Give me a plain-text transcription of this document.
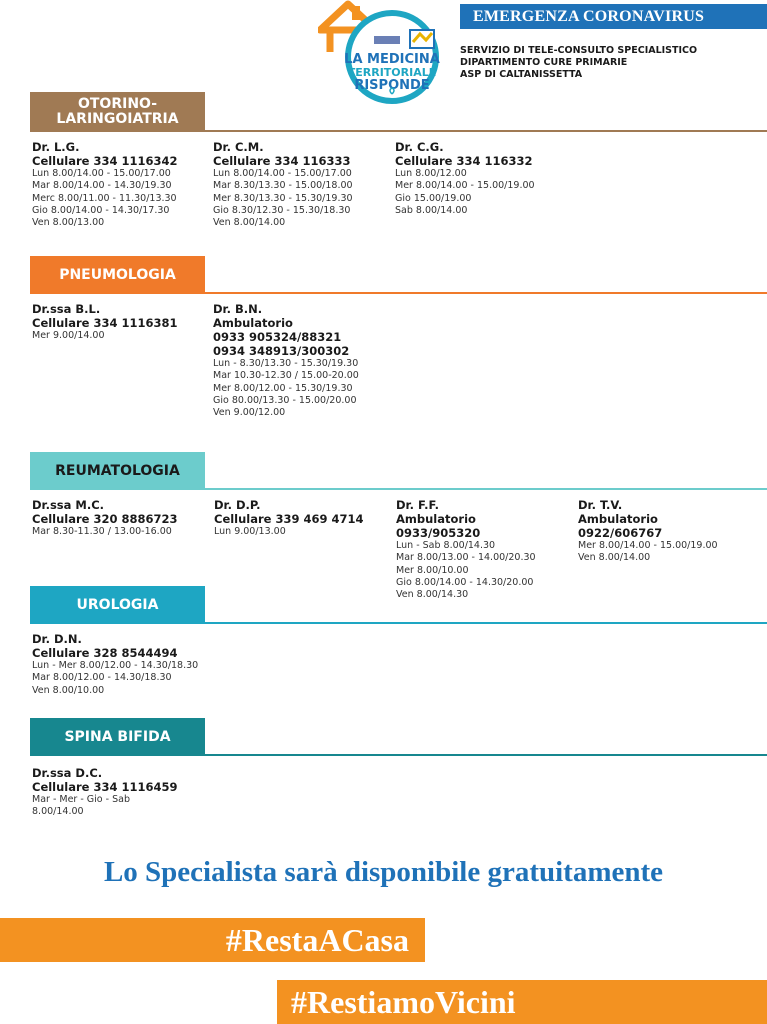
LA MEDICINA
TERRITORIALE
RISPONDE
EMERGENZA CORONAVIRUS
SERVIZIO DI TELE-CONSULTO SPECIALISTICO
DIPARTIMENTO CURE PRIMARIE
ASP DI CALTANISSETTA
OTORINO-
LARINGOIATRIA
Dr. L.G.
Cellulare 334 1116342
Lun 8.00/14.00 - 15.00/17.00
Mar 8.00/14.00 - 14.30/19.30
Merc 8.00/11.00 - 11.30/13.30
Gio 8.00/14.00 - 14.30/17.30
Ven 8.00/13.00
Dr. C.M.
Cellulare 334 116333
Lun 8.00/14.00 - 15.00/17.00
Mar 8.30/13.30 - 15.00/18.00
Mer 8.30/13.30 - 15.30/19.30
Gio 8.30/12.30 - 15.30/18.30
Ven 8.00/14.00
Dr. C.G.
Cellulare 334 116332
Lun 8.00/12.00
Mer 8.00/14.00 - 15.00/19.00
Gio 15.00/19.00
Sab 8.00/14.00
PNEUMOLOGIA
Dr.ssa B.L.
Cellulare 334 1116381
Mer 9.00/14.00
Dr. B.N.
Ambulatorio
0933 905324/88321
0934 348913/300302
Lun - 8.30/13.30 - 15.30/19.30
Mar 10.30-12.30 / 15.00-20.00
Mer 8.00/12.00 - 15.30/19.30
Gio 80.00/13.30 - 15.00/20.00
Ven 9.00/12.00
REUMATOLOGIA
Dr.ssa M.C.
Cellulare 320 8886723
Mar 8.30-11.30 / 13.00-16.00
Dr. D.P.
Cellulare 339 469 4714
Lun 9.00/13.00
Dr. F.F.
Ambulatorio
0933/905320
Lun - Sab 8.00/14.30
Mar 8.00/13.00 - 14.00/20.30
Mer 8.00/10.00
Gio 8.00/14.00 - 14.30/20.00
Ven 8.00/14.30
Dr. T.V.
Ambulatorio
0922/606767
Mer 8.00/14.00 - 15.00/19.00
Ven 8.00/14.00
UROLOGIA
Dr. D.N.
Cellulare 328 8544494
Lun - Mer 8.00/12.00 - 14.30/18.30
Mar 8.00/12.00 - 14.30/18.30
Ven 8.00/10.00
SPINA BIFIDA
Dr.ssa D.C.
Cellulare 334 1116459
Mar - Mer - Gio - Sab
8.00/14.00
Lo Specialista sarà disponibile gratuitamente
#RestaACasa
#RestiamoVicini
